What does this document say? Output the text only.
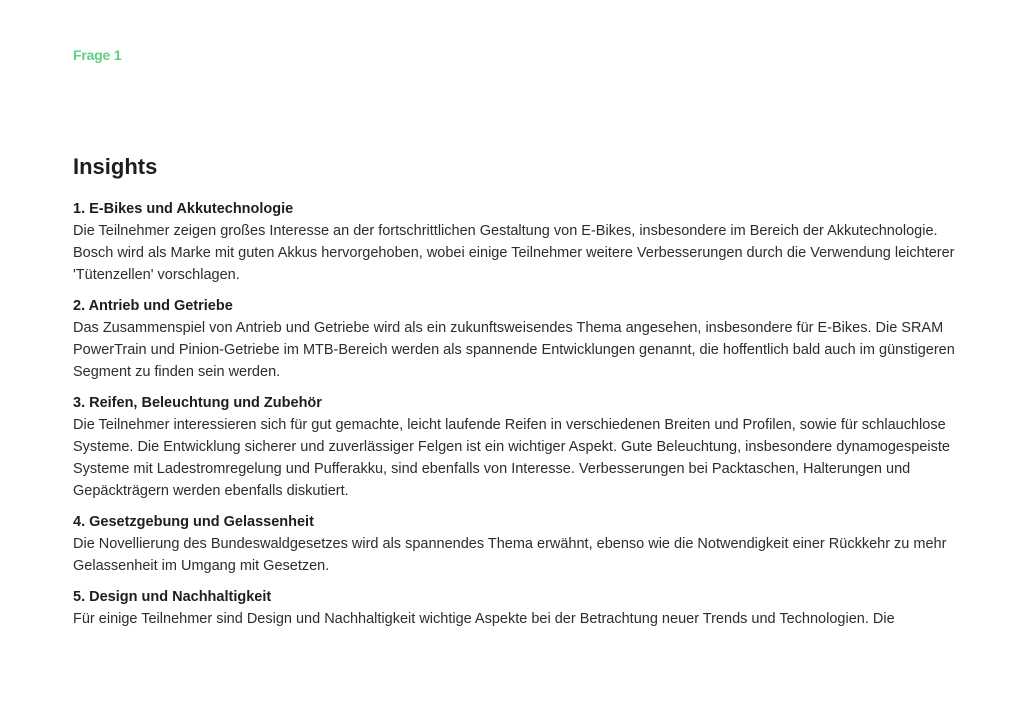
Frage 1
Insights
1. E-Bikes und Akkutechnologie
Die Teilnehmer zeigen großes Interesse an der fortschrittlichen Gestaltung von E-Bikes, insbesondere im Bereich der Akkutechnologie. Bosch wird als Marke mit guten Akkus hervorgehoben, wobei einige Teilnehmer weitere Verbesserungen durch die Verwendung leichterer 'Tütenzellen' vorschlagen.
2. Antrieb und Getriebe
Das Zusammenspiel von Antrieb und Getriebe wird als ein zukunftsweisendes Thema angesehen, insbesondere für E-Bikes. Die SRAM PowerTrain und Pinion-Getriebe im MTB-Bereich werden als spannende Entwicklungen genannt, die hoffentlich bald auch im günstigeren Segment zu finden sein werden.
3. Reifen, Beleuchtung und Zubehör
Die Teilnehmer interessieren sich für gut gemachte, leicht laufende Reifen in verschiedenen Breiten und Profilen, sowie für schlauchlose Systeme. Die Entwicklung sicherer und zuverlässiger Felgen ist ein wichtiger Aspekt. Gute Beleuchtung, insbesondere dynamogespeiste Systeme mit Ladestromregelung und Pufferakku, sind ebenfalls von Interesse. Verbesserungen bei Packtaschen, Halterungen und Gepäckträgern werden ebenfalls diskutiert.
4. Gesetzgebung und Gelassenheit
Die Novellierung des Bundeswaldgesetzes wird als spannendes Thema erwähnt, ebenso wie die Notwendigkeit einer Rückkehr zu mehr Gelassenheit im Umgang mit Gesetzen.
5. Design und Nachhaltigkeit
Für einige Teilnehmer sind Design und Nachhaltigkeit wichtige Aspekte bei der Betrachtung neuer Trends und Technologien. Die
